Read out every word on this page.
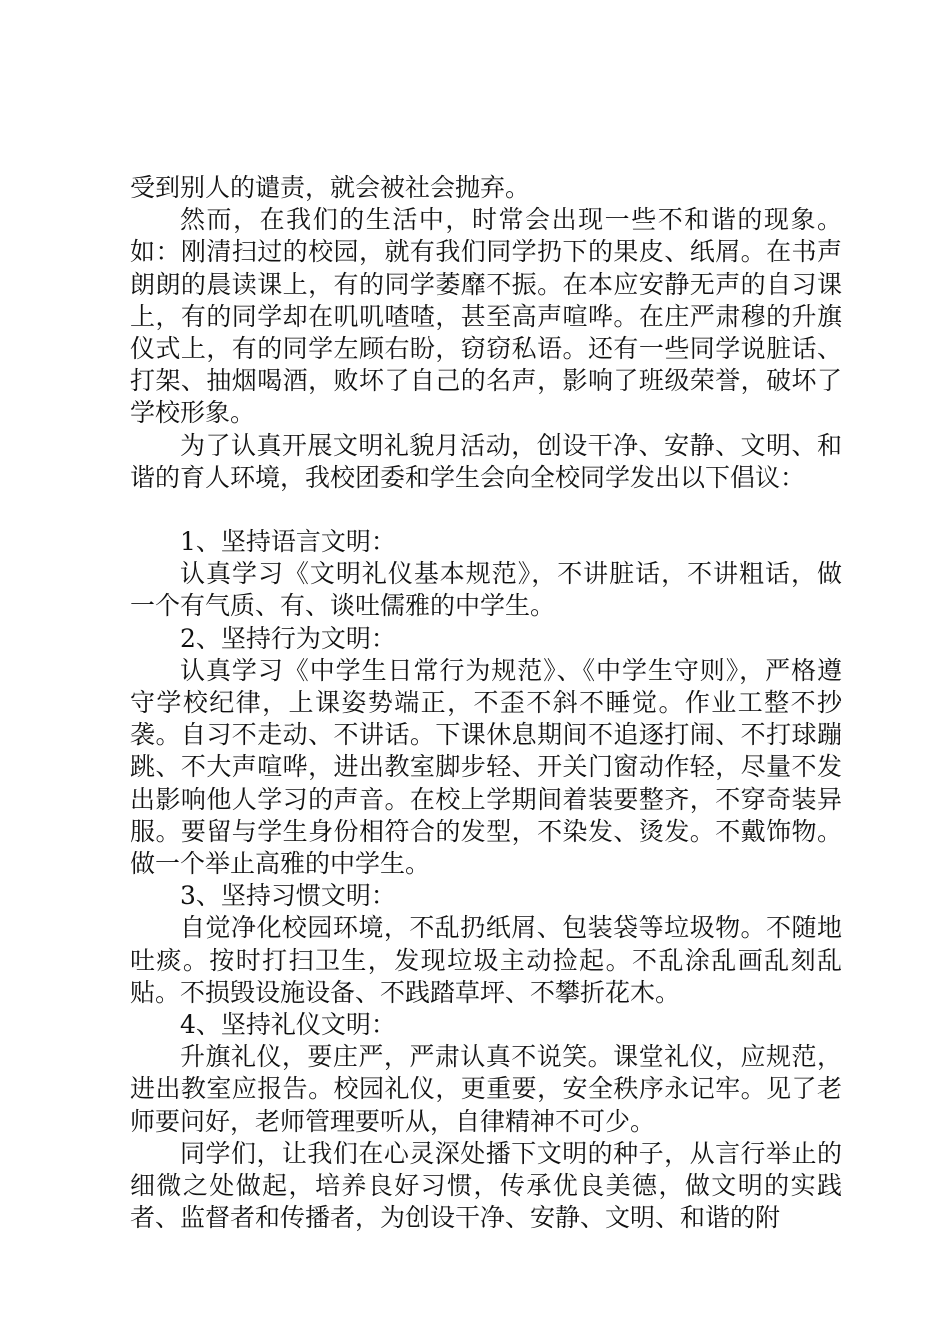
受到别人的谴责，就会被社会抛弃。

然而，在我们的生活中，时常会出现一些不和谐的现象。如：刚清扫过的校园，就有我们同学扔下的果皮、纸屑。在书声朗朗的晨读课上，有的同学萎靡不振。在本应安静无声的自习课上，有的同学却在叽叽喳喳，甚至高声喧哗。在庄严肃穆的升旗仪式上，有的同学左顾右盼，窃窃私语。还有一些同学说脏话、打架、抽烟喝酒，败坏了自己的名声，影响了班级荣誉，破坏了学校形象。

为了认真开展文明礼貌月活动，创设干净、安静、文明、和谐的育人环境，我校团委和学生会向全校同学发出以下倡议：

1、坚持语言文明：

认真学习《文明礼仪基本规范》，不讲脏话，不讲粗话，做一个有气质、有、谈吐儒雅的中学生。

2、坚持行为文明：

认真学习《中学生日常行为规范》、《中学生守则》，严格遵守学校纪律，上课姿势端正，不歪不斜不睡觉。作业工整不抄袭。自习不走动、不讲话。下课休息期间不追逐打闹、不打球蹦跳、不大声喧哗，进出教室脚步轻、开关门窗动作轻，尽量不发出影响他人学习的声音。在校上学期间着装要整齐，不穿奇装异服。要留与学生身份相符合的发型，不染发、烫发。不戴饰物。做一个举止高雅的中学生。

3、坚持习惯文明：

自觉净化校园环境，不乱扔纸屑、包装袋等垃圾物。不随地吐痰。按时打扫卫生，发现垃圾主动捡起。不乱涂乱画乱刻乱贴。不损毁设施设备、不践踏草坪、不攀折花木。

4、坚持礼仪文明：

升旗礼仪，要庄严，严肃认真不说笑。课堂礼仪，应规范，进出教室应报告。校园礼仪，更重要，安全秩序永记牢。见了老师要问好，老师管理要听从，自律精神不可少。

同学们，让我们在心灵深处播下文明的种子，从言行举止的细微之处做起，培养良好习惯，传承优良美德，做文明的实践者、监督者和传播者，为创设干净、安静、文明、和谐的附
